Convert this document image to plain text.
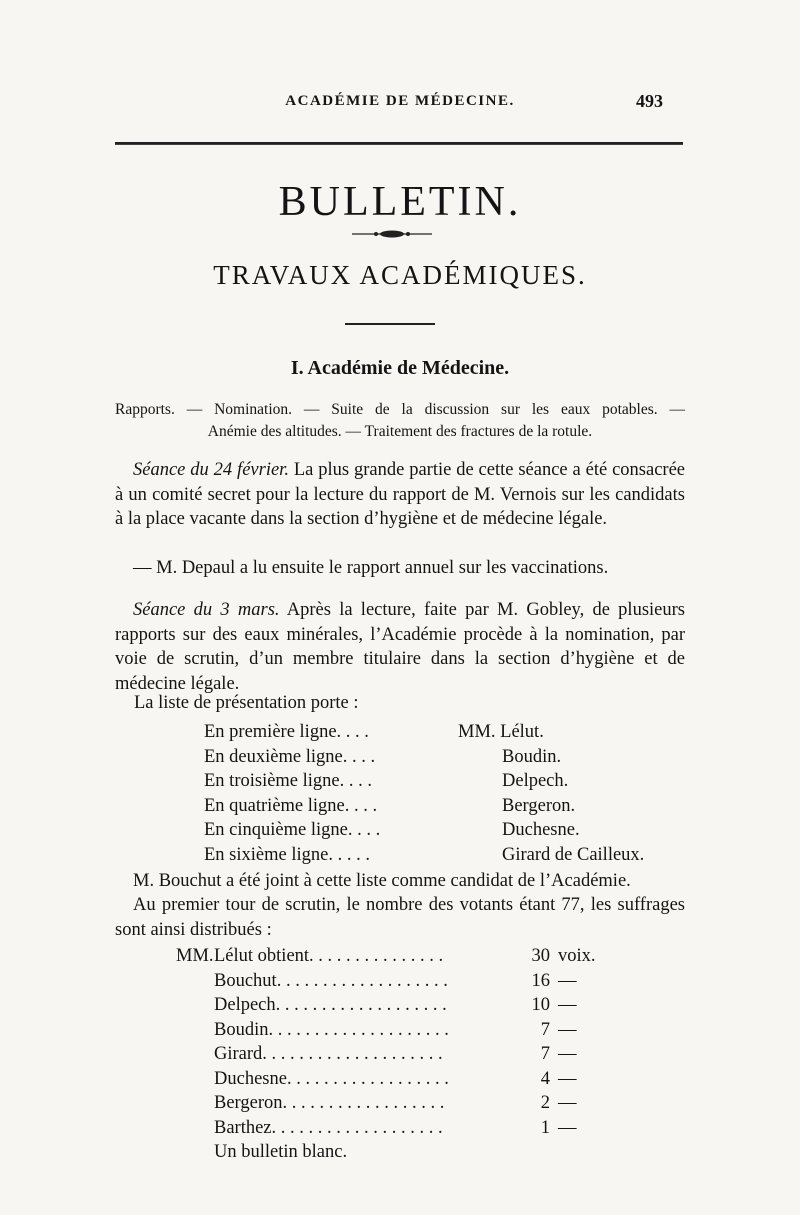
ACADÉMIE DE MÉDECINE.	493
BULLETIN.
TRAVAUX ACADÉMIQUES.
I. Académie de Médecine.
Rapports. — Nomination. — Suite de la discussion sur les eaux potables. —
Anémie des altitudes. — Traitement des fractures de la rotule.

Séance du 24 février. La plus grande partie de cette séance a été consacrée à un comité secret pour la lecture du rapport de M. Vernois sur les candidats à la place vacante dans la section d’hygiène et de médecine légale.

— M. Depaul a lu ensuite le rapport annuel sur les vaccinations.

Séance du 3 mars. Après la lecture, faite par M. Gobley, de plusieurs rapports sur des eaux minérales, l’Académie procède à la nomination, par voie de scrutin, d’un membre titulaire dans la section d’hygiène et de médecine légale.

La liste de présentation porte :
En première ligne. . . .	MM. Lélut.
En deuxième ligne. . . .	Boudin.
En troisième ligne. . . .	Delpech.
En quatrième ligne. . . .	Bergeron.
En cinquième ligne. . . .	Duchesne.
En sixième ligne. . . . .	Girard de Cailleux.

M. Bouchut a été joint à cette liste comme candidat de l’Académie.

Au premier tour de scrutin, le nombre des votants étant 77, les suffrages sont ainsi distribués :

MM. Lélut obtient. . . . . . . . . . . . . . .	30 voix.
Bouchut. . . . . . . . . . . . . . . . . . .	16 —
Delpech. . . . . . . . . . . . . . . . . . .	10 —
Boudin. . . . . . . . . . . . . . . . . . . .	7 —
Girard. . . . . . . . . . . . . . . . . . . .	7 —
Duchesne. . . . . . . . . . . . . . . . . .	4 —
Bergeron. . . . . . . . . . . . . . . . . .	2 —
Barthez. . . . . . . . . . . . . . . . . . .	1 —
Un bulletin blanc.
